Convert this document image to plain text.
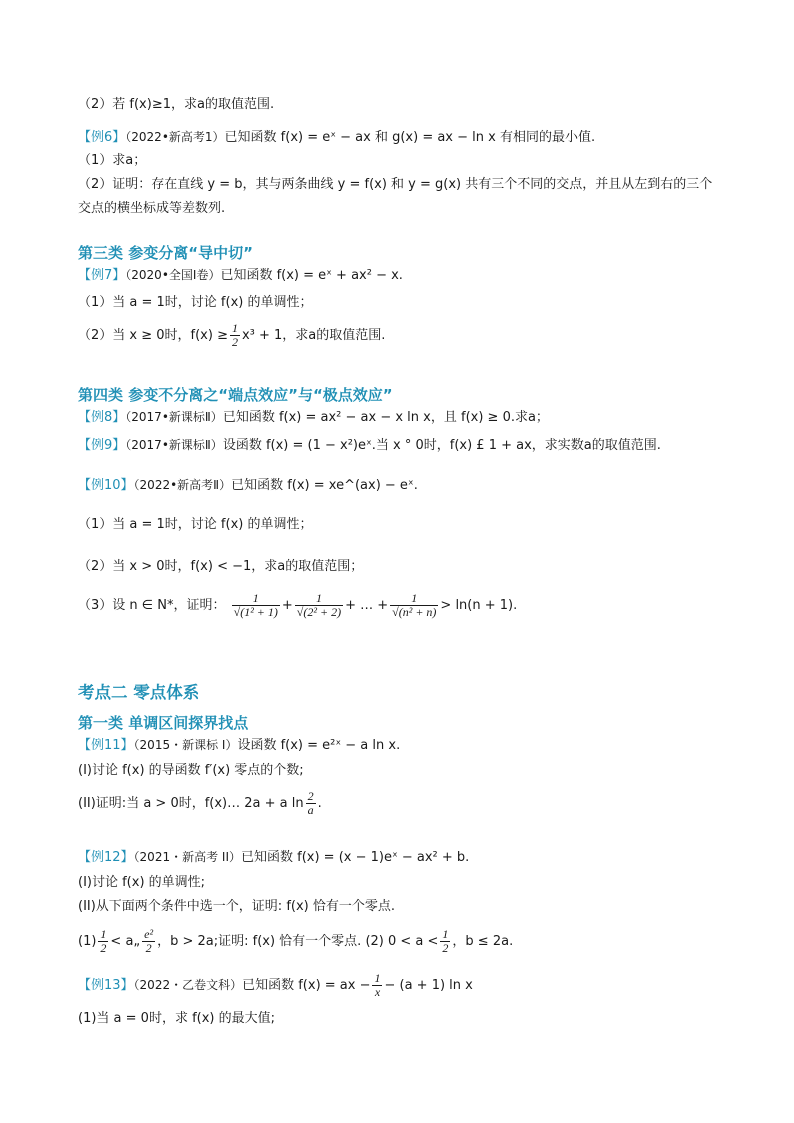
（2）若 f(x)≥1，求a的取值范围.
【例6】（2022•新高考1）已知函数 f(x) = eˣ − ax 和 g(x) = ax − ln x 有相同的最小值.
（1）求a；
（2）证明：存在直线 y = b，其与两条曲线 y = f(x) 和 y = g(x) 共有三个不同的交点，并且从左到右的三个
交点的横坐标成等差数列.
第三类 参变分离“导中切”
【例7】（2020•全国Ⅰ卷）已知函数 f(x) = eˣ + ax² − x.
（1）当 a = 1时，讨论 f(x) 的单调性；
（2）当 x ≥ 0时，$f(x) \ge \frac{1}{2} x^3 + 1$，求a的取值范围.
第四类 参变不分离之“端点效应”与“极点效应”
【例8】（2017•新课标Ⅱ）已知函数 f(x) = ax² − ax − x ln x，且 f(x) ≥ 0.求a；
【例9】（2017•新课标Ⅱ）设函数 f(x) = (1 − x²)eˣ.当 x ° 0时，f(x) £ 1 + ax，求实数a的取值范围.
【例10】（2022•新高考Ⅱ）已知函数 f(x) = xe^(ax) − eˣ.
（1）当 a = 1时，讨论 f(x) 的单调性；
（2）当 x > 0时，f(x) < −1，求a的取值范围；
（3）设 n ∈ N*，证明： $\frac{1}{\text{√(1² + 1)}} + \frac{1}{\text{√(2² + 2)}}$ + … + $\frac{1}{\text{√(n² + n)}} > \ln(n + 1)$.
考点二 零点体系
第一类 单调区间探界找点
【例11】（2015・新课标 I）设函数 f(x) = e²ˣ − a ln x.
(I)讨论 f(x) 的导函数 f′(x) 零点的个数;
(II)证明:当 a > 0时，f(x)… 2a + a $\ln \frac{2}{a}$ .
【例12】（2021・新高考 II）已知函数 f(x) = (x − 1)eˣ − ax² + b.
(I)讨论 f(x) 的单调性;
(II)从下面两个条件中选一个，证明: f(x) 恰有一个零点.
$(1) \frac{1}{2}$ < a„ $\frac{\text{e²}}{2}$ ，b > 2a;证明: f(x) 恰有一个零点. (2) $0 < a < \frac{1}{2}$ ，b ≤ 2a.
【例13】（2022・乙卷文科）已知函数 f(x) = ax − $\frac{1}{x} - (a + 1)$ ln x
(1)当 a = 0时，求 f(x) 的最大值;
